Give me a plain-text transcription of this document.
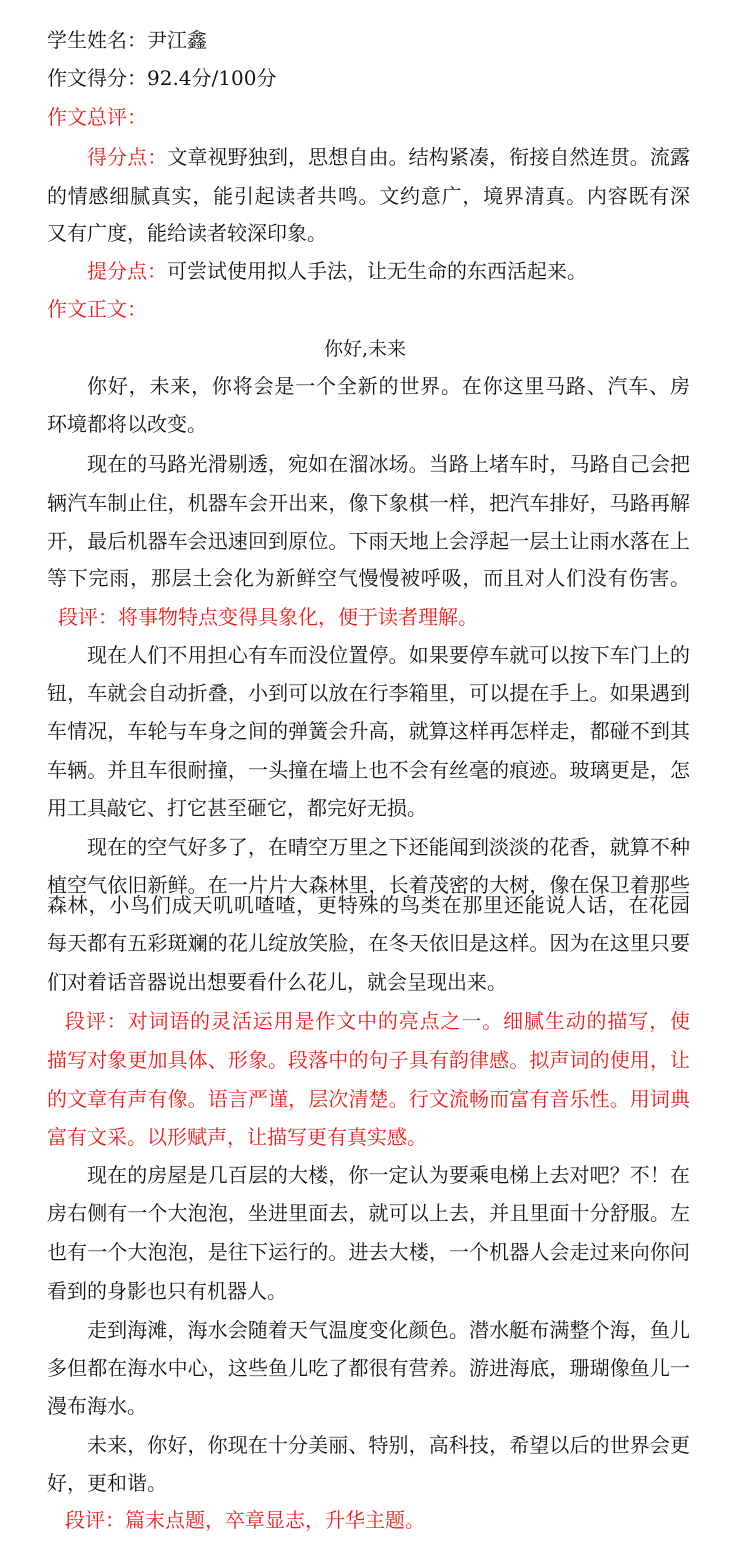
学生姓名：尹江鑫
作文得分：92.4分/100分
作文总评：
得分点：文章视野独到，思想自由。结构紧凑，衔接自然连贯。流露
的情感细腻真实，能引起读者共鸣。文约意广，境界清真。内容既有深
又有广度，能给读者较深印象。
提分点：可尝试使用拟人手法，让无生命的东西活起来。
作文正文：
你好,未来
你好，未来，你将会是一个全新的世界。在你这里马路、汽车、房
环境都将以改变。
现在的马路光滑剔透，宛如在溜冰场。当路上堵车时，马路自己会把
辆汽车制止住，机器车会开出来，像下象棋一样，把汽车排好，马路再解
开，最后机器车会迅速回到原位。下雨天地上会浮起一层土让雨水落在上
等下完雨，那层土会化为新鲜空气慢慢被呼吸，而且对人们没有伤害。
段评：将事物特点变得具象化，便于读者理解。
现在人们不用担心有车而没位置停。如果要停车就可以按下车门上的
钮，车就会自动折叠，小到可以放在行李箱里，可以提在手上。如果遇到
车情况，车轮与车身之间的弹簧会升高，就算这样再怎样走，都碰不到其
车辆。并且车很耐撞，一头撞在墙上也不会有丝毫的痕迹。玻璃更是，怎
用工具敲它、打它甚至砸它，都完好无损。
现在的空气好多了，在晴空万里之下还能闻到淡淡的花香，就算不种
植空气依旧新鲜。在一片片大森林里，长着茂密的大树，像在保卫着那些
森林，小鸟们成天叽叽喳喳，更特殊的鸟类在那里还能说人话，在花园
每天都有五彩斑斓的花儿绽放笑脸，在冬天依旧是这样。因为在这里只要
们对着话音器说出想要看什么花儿，就会呈现出来。
段评：对词语的灵活运用是作文中的亮点之一。细腻生动的描写，使
描写对象更加具体、形象。段落中的句子具有韵律感。拟声词的使用，让
的文章有声有像。语言严谨，层次清楚。行文流畅而富有音乐性。用词典
富有文采。以形赋声，让描写更有真实感。
现在的房屋是几百层的大楼，你一定认为要乘电梯上去对吧？不！在
房右侧有一个大泡泡，坐进里面去，就可以上去，并且里面十分舒服。左
也有一个大泡泡，是往下运行的。进去大楼，一个机器人会走过来向你问
看到的身影也只有机器人。
走到海滩，海水会随着天气温度变化颜色。潜水艇布满整个海，鱼儿
多但都在海水中心，这些鱼儿吃了都很有营养。游进海底，珊瑚像鱼儿一
漫布海水。
未来，你好，你现在十分美丽、特别，高科技，希望以后的世界会更
好，更和谐。
段评：篇末点题，卒章显志，升华主题。
